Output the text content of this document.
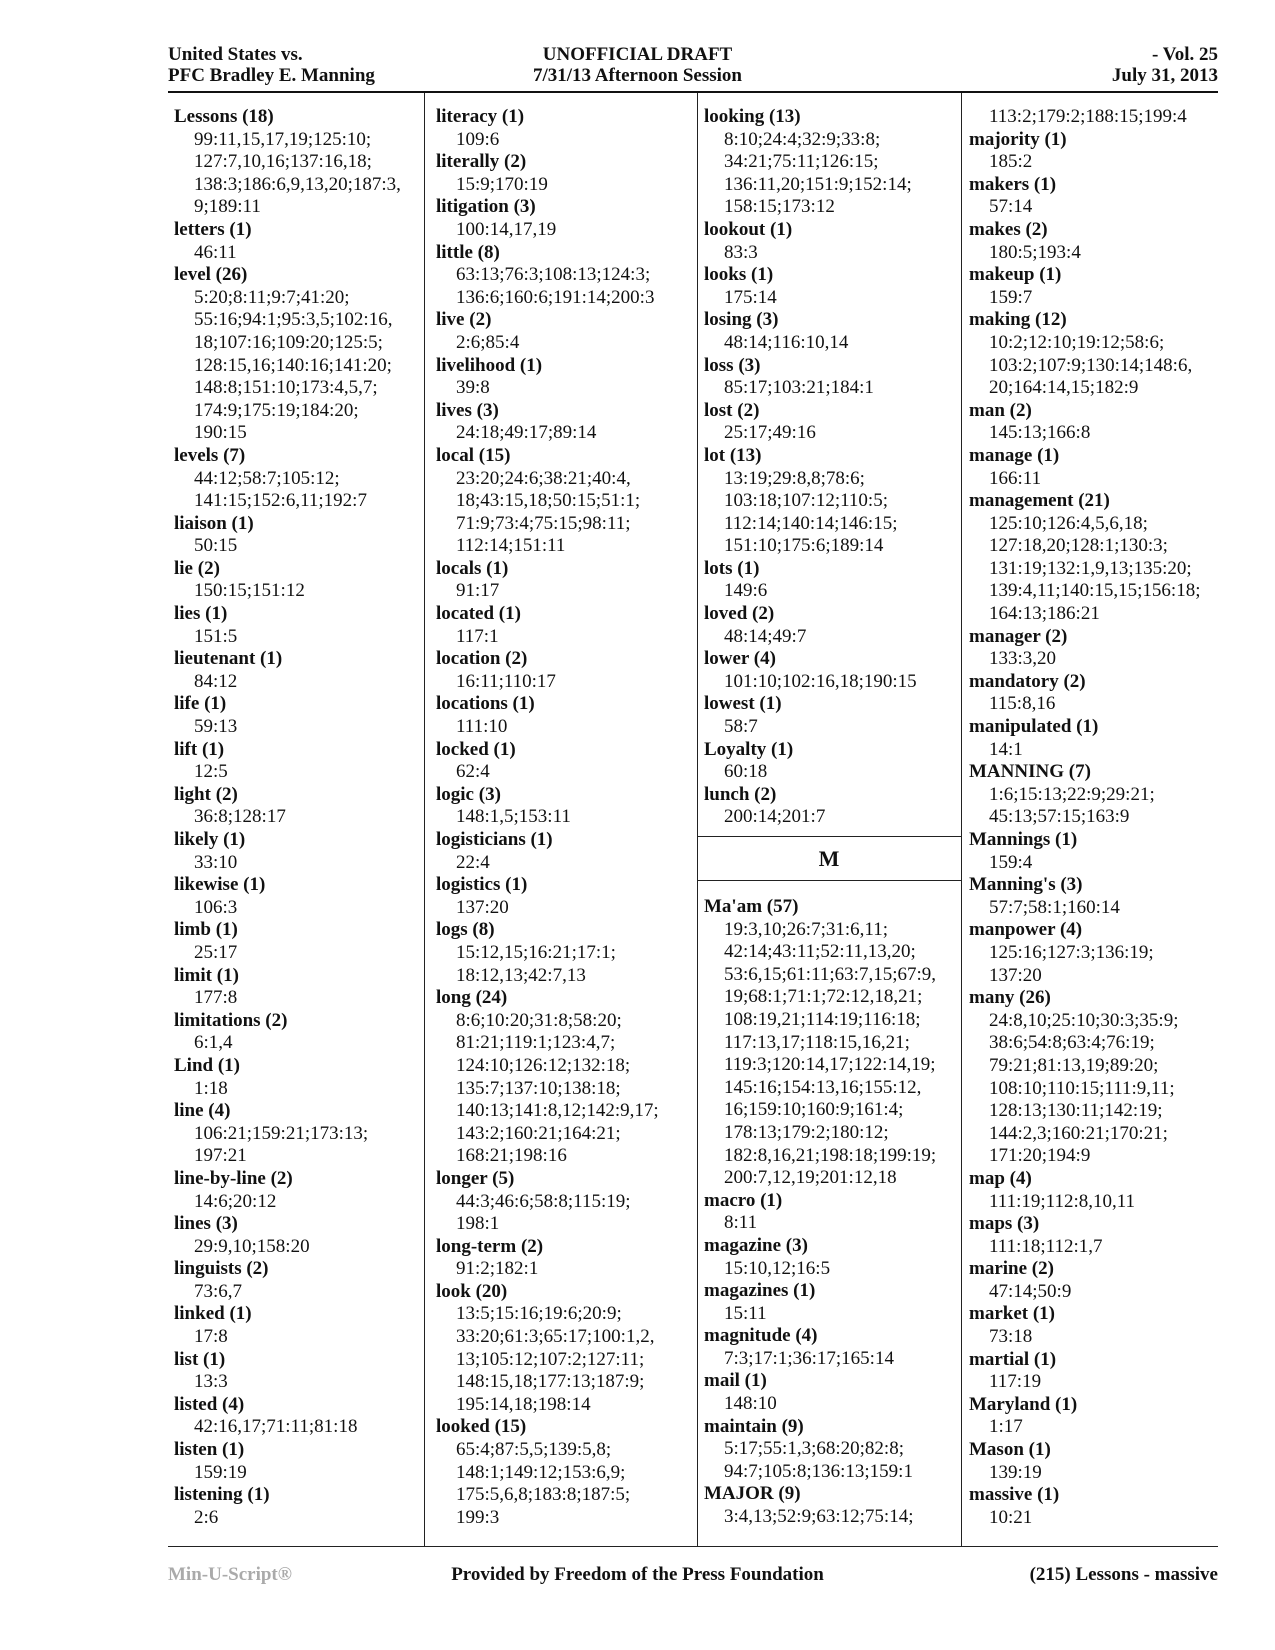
United States vs.
PFC Bradley E. Manning
UNOFFICIAL DRAFT
7/31/13 Afternoon Session
- Vol. 25
July 31, 2013
Lessons (18)
99:11,15,17,19;125:10;
127:7,10,16;137:16,18;
138:3;186:6,9,13,20;187:3,
9;189:11
letters (1)
46:11
level (26)
5:20;8:11;9:7;41:20;
55:16;94:1;95:3,5;102:16,
18;107:16;109:20;125:5;
128:15,16;140:16;141:20;
148:8;151:10;173:4,5,7;
174:9;175:19;184:20;
190:15
levels (7)
44:12;58:7;105:12;
141:15;152:6,11;192:7
liaison (1)
50:15
lie (2)
150:15;151:12
lies (1)
151:5
lieutenant (1)
84:12
life (1)
59:13
lift (1)
12:5
light (2)
36:8;128:17
likely (1)
33:10
likewise (1)
106:3
limb (1)
25:17
limit (1)
177:8
limitations (2)
6:1,4
Lind (1)
1:18
line (4)
106:21;159:21;173:13;
197:21
line-by-line (2)
14:6;20:12
lines (3)
29:9,10;158:20
linguists (2)
73:6,7
linked (1)
17:8
list (1)
13:3
listed (4)
42:16,17;71:11;81:18
listen (1)
159:19
listening (1)
2:6
literacy (1)
109:6
literally (2)
15:9;170:19
litigation (3)
100:14,17,19
little (8)
63:13;76:3;108:13;124:3;
136:6;160:6;191:14;200:3
live (2)
2:6;85:4
livelihood (1)
39:8
lives (3)
24:18;49:17;89:14
local (15)
23:20;24:6;38:21;40:4,
18;43:15,18;50:15;51:1;
71:9;73:4;75:15;98:11;
112:14;151:11
locals (1)
91:17
located (1)
117:1
location (2)
16:11;110:17
locations (1)
111:10
locked (1)
62:4
logic (3)
148:1,5;153:11
logisticians (1)
22:4
logistics (1)
137:20
logs (8)
15:12,15;16:21;17:1;
18:12,13;42:7,13
long (24)
8:6;10:20;31:8;58:20;
81:21;119:1;123:4,7;
124:10;126:12;132:18;
135:7;137:10;138:18;
140:13;141:8,12;142:9,17;
143:2;160:21;164:21;
168:21;198:16
longer (5)
44:3;46:6;58:8;115:19;
198:1
long-term (2)
91:2;182:1
look (20)
13:5;15:16;19:6;20:9;
33:20;61:3;65:17;100:1,2,
13;105:12;107:2;127:11;
148:15,18;177:13;187:9;
195:14,18;198:14
looked (15)
65:4;87:5,5;139:5,8;
148:1;149:12;153:6,9;
175:5,6,8;183:8;187:5;
199:3
looking (13)
8:10;24:4;32:9;33:8;
34:21;75:11;126:15;
136:11,20;151:9;152:14;
158:15;173:12
lookout (1)
83:3
looks (1)
175:14
losing (3)
48:14;116:10,14
loss (3)
85:17;103:21;184:1
lost (2)
25:17;49:16
lot (13)
13:19;29:8,8;78:6;
103:18;107:12;110:5;
112:14;140:14;146:15;
151:10;175:6;189:14
lots (1)
149:6
loved (2)
48:14;49:7
lower (4)
101:10;102:16,18;190:15
lowest (1)
58:7
Loyalty (1)
60:18
lunch (2)
200:14;201:7
M
Ma'am (57)
19:3,10;26:7;31:6,11;
42:14;43:11;52:11,13,20;
53:6,15;61:11;63:7,15;67:9,
19;68:1;71:1;72:12,18,21;
108:19,21;114:19;116:18;
117:13,17;118:15,16,21;
119:3;120:14,17;122:14,19;
145:16;154:13,16;155:12,
16;159:10;160:9;161:4;
178:13;179:2;180:12;
182:8,16,21;198:18;199:19;
200:7,12,19;201:12,18
macro (1)
8:11
magazine (3)
15:10,12;16:5
magazines (1)
15:11
magnitude (4)
7:3;17:1;36:17;165:14
mail (1)
148:10
maintain (9)
5:17;55:1,3;68:20;82:8;
94:7;105:8;136:13;159:1
MAJOR (9)
3:4,13;52:9;63:12;75:14;
113:2;179:2;188:15;199:4
majority (1)
185:2
makers (1)
57:14
makes (2)
180:5;193:4
makeup (1)
159:7
making (12)
10:2;12:10;19:12;58:6;
103:2;107:9;130:14;148:6,
20;164:14,15;182:9
man (2)
145:13;166:8
manage (1)
166:11
management (21)
125:10;126:4,5,6,18;
127:18,20;128:1;130:3;
131:19;132:1,9,13;135:20;
139:4,11;140:15,15;156:18;
164:13;186:21
manager (2)
133:3,20
mandatory (2)
115:8,16
manipulated (1)
14:1
MANNING (7)
1:6;15:13;22:9;29:21;
45:13;57:15;163:9
Mannings (1)
159:4
Manning's (3)
57:7;58:1;160:14
manpower (4)
125:16;127:3;136:19;
137:20
many (26)
24:8,10;25:10;30:3;35:9;
38:6;54:8;63:4;76:19;
79:21;81:13,19;89:20;
108:10;110:15;111:9,11;
128:13;130:11;142:19;
144:2,3;160:21;170:21;
171:20;194:9
map (4)
111:19;112:8,10,11
maps (3)
111:18;112:1,7
marine (2)
47:14;50:9
market (1)
73:18
martial (1)
117:19
Maryland (1)
1:17
Mason (1)
139:19
massive (1)
10:21
Min-U-Script®	Provided by Freedom of the Press Foundation	(215) Lessons - massive
